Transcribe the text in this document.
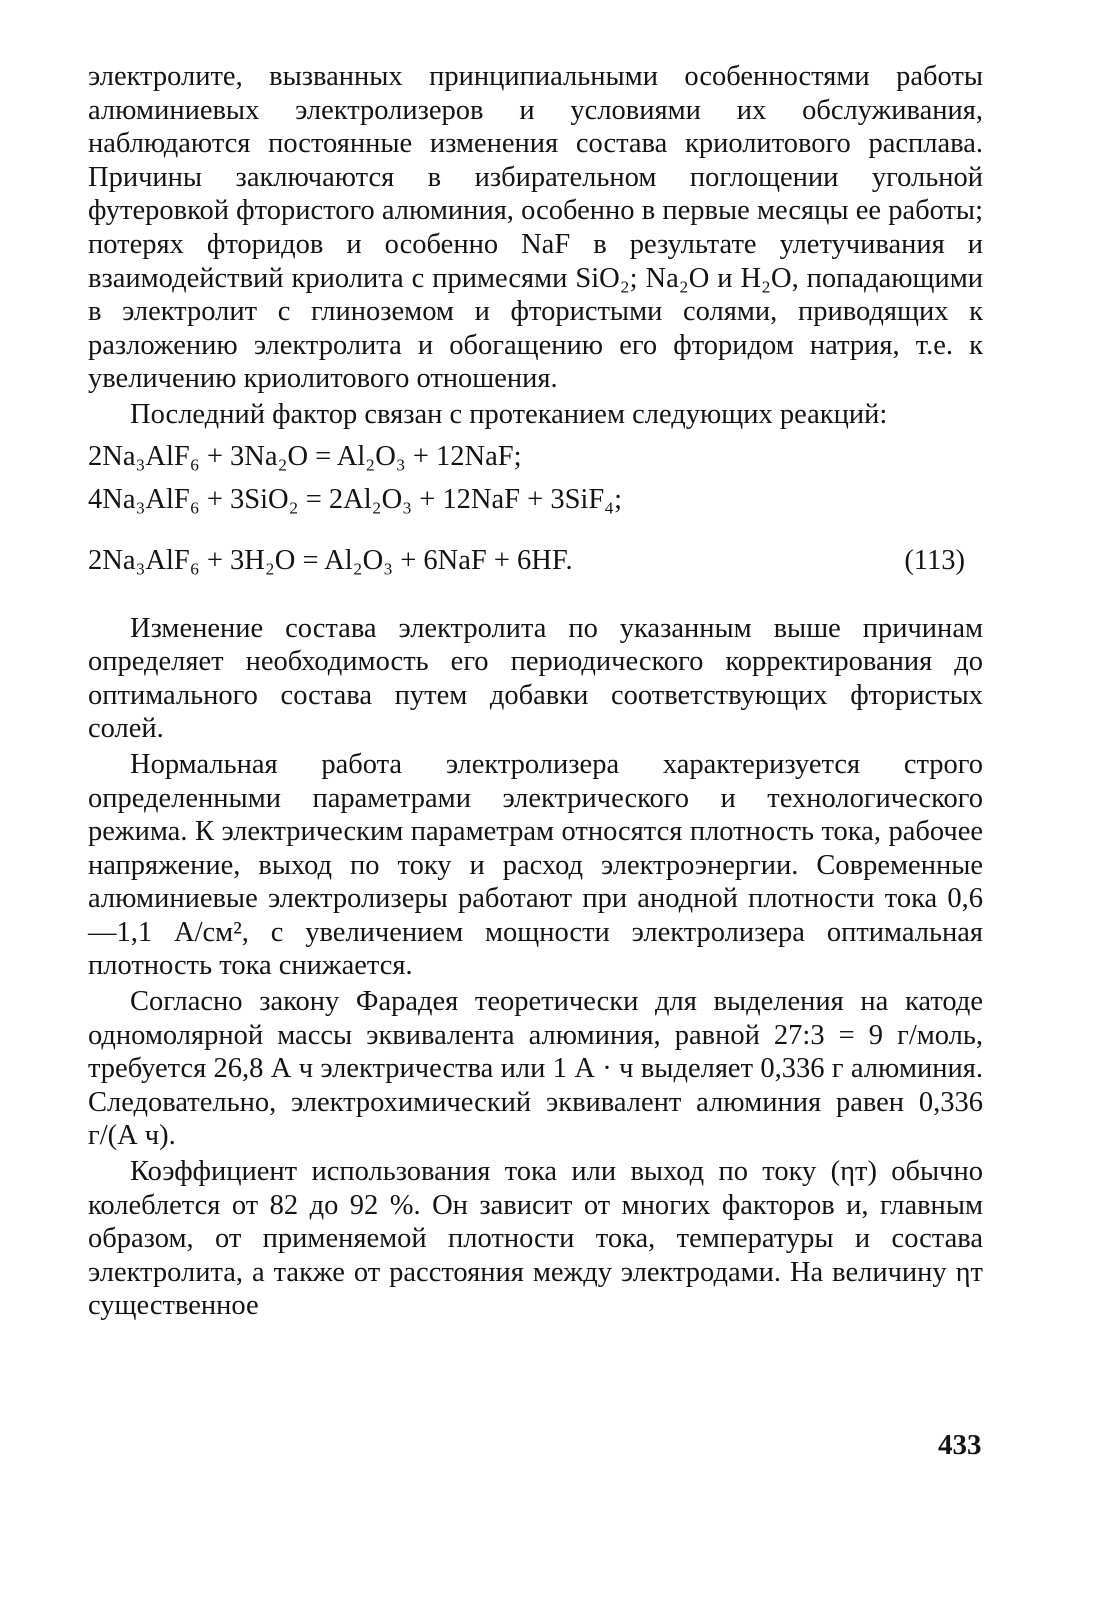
электролите, вызванных принципиальными особенностями работы алюминиевых электролизеров и условиями их обслуживания, наблюдаются постоянные изменения состава криолитового расплава. Причины заключаются в избирательном поглощении угольной футеровкой фтористого алюминия, особенно в первые месяцы ее работы; потерях фторидов и особенно NaF в результате улетучивания и взаимодействий криолита с примесями SiO₂; Na₂O и H₂O, попадающими в электролит с глиноземом и фтористыми солями, приводящих к разложению электролита и обогащению его фторидом натрия, т.е. к увеличению криолитового отношения.

Последний фактор связан с протеканием следующих реакций:

2Na₃AlF₆ + 3Na₂O = Al₂O₃ + 12NaF;
4Na₃AlF₆ + 3SiO₂ = 2Al₂O₃ + 12NaF + 3SiF₄;
2Na₃AlF₆ + 3H₂O = Al₂O₃ + 6NaF + 6HF.	(113)

Изменение состава электролита по указанным выше причинам определяет необходимость его периодического корректирования до оптимального состава путем добавки соответствующих фтористых солей.

Нормальная работа электролизера характеризуется строго определенными параметрами электрического и технологического режима. К электрическим параметрам относятся плотность тока, рабочее напряжение, выход по току и расход электроэнергии. Современные алюминиевые электролизеры работают при анодной плотности тока 0,6—1,1 А/см², с увеличением мощности электролизера оптимальная плотность тока снижается.

Согласно закону Фарадея теоретически для выделения на катоде одномолярной массы эквивалента алюминия, равной 27:3 = 9 г/моль, требуется 26,8 А ч электричества или 1 А · ч выделяет 0,336 г алюминия. Следовательно, электрохимический эквивалент алюминия равен 0,336 г/(А ч).

Коэффициент использования тока или выход по току (ηт) обычно колеблется от 82 до 92 %. Он зависит от многих факторов и, главным образом, от применяемой плотности тока, температуры и состава электролита, а также от расстояния между электродами. На величину ηт существенное

433
